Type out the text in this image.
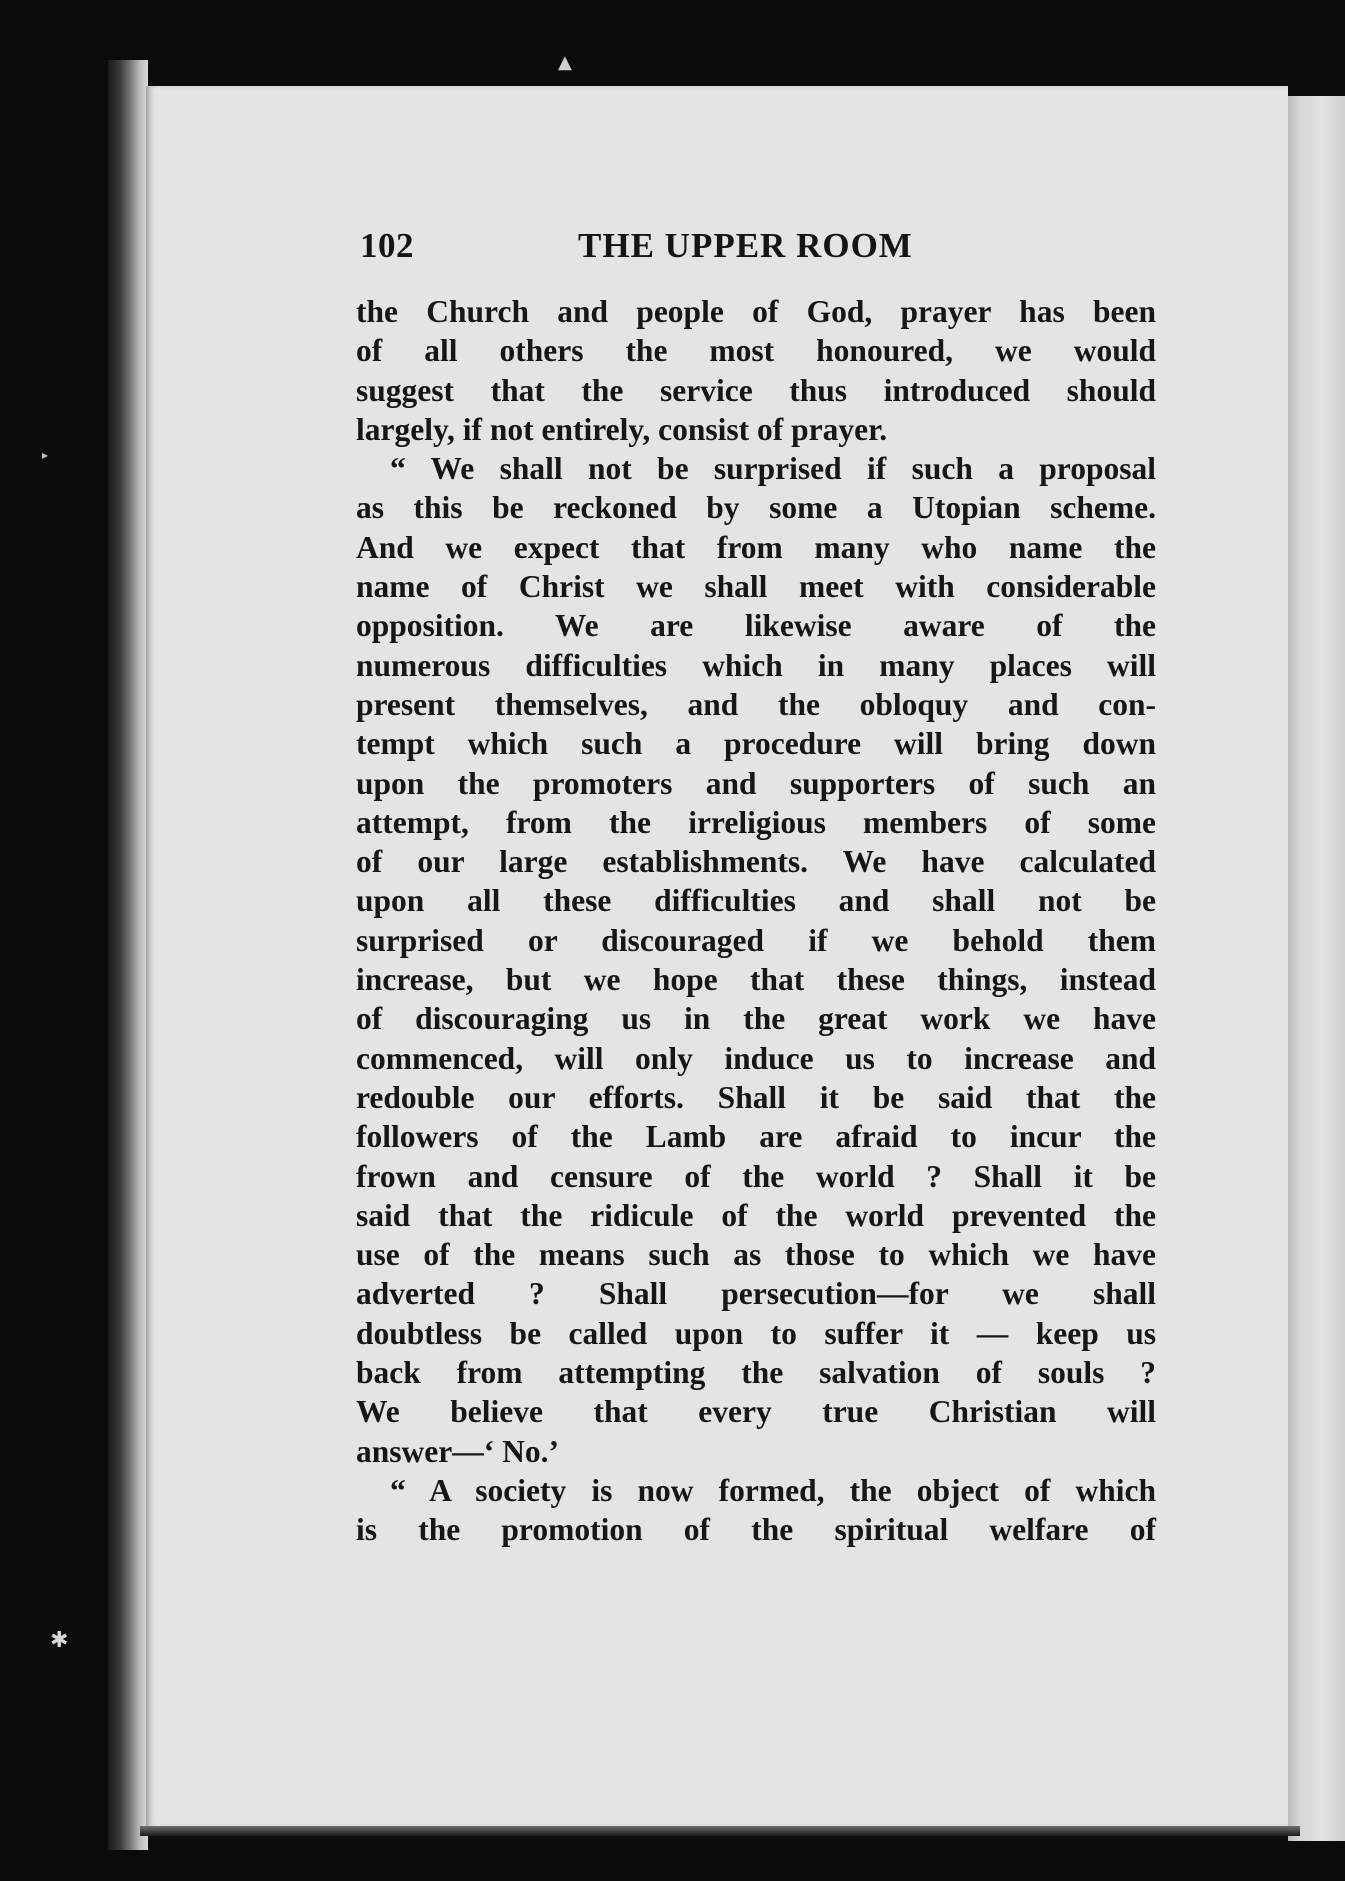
▲
▸
✱
102	THE UPPER ROOM
the Church and people of God, prayer has been
of all others the most honoured, we would
suggest that the service thus introduced should
largely, if not entirely, consist of prayer.
“ We shall not be surprised if such a proposal
as this be reckoned by some a Utopian scheme.
And we expect that from many who name the
name of Christ we shall meet with considerable
opposition. We are likewise aware of the
numerous difficulties which in many places will
present themselves, and the obloquy and con-
tempt which such a procedure will bring down
upon the promoters and supporters of such an
attempt, from the irreligious members of some
of our large establishments. We have calculated
upon all these difficulties and shall not be
surprised or discouraged if we behold them
increase, but we hope that these things, instead
of discouraging us in the great work we have
commenced, will only induce us to increase and
redouble our efforts. Shall it be said that the
followers of the Lamb are afraid to incur the
frown and censure of the world ? Shall it be
said that the ridicule of the world prevented the
use of the means such as those to which we have
adverted ? Shall persecution—for we shall
doubtless be called upon to suffer it — keep us
back from attempting the salvation of souls ?
We believe that every true Christian will
answer—‘ No.’
“ A society is now formed, the object of which
is the promotion of the spiritual welfare of
